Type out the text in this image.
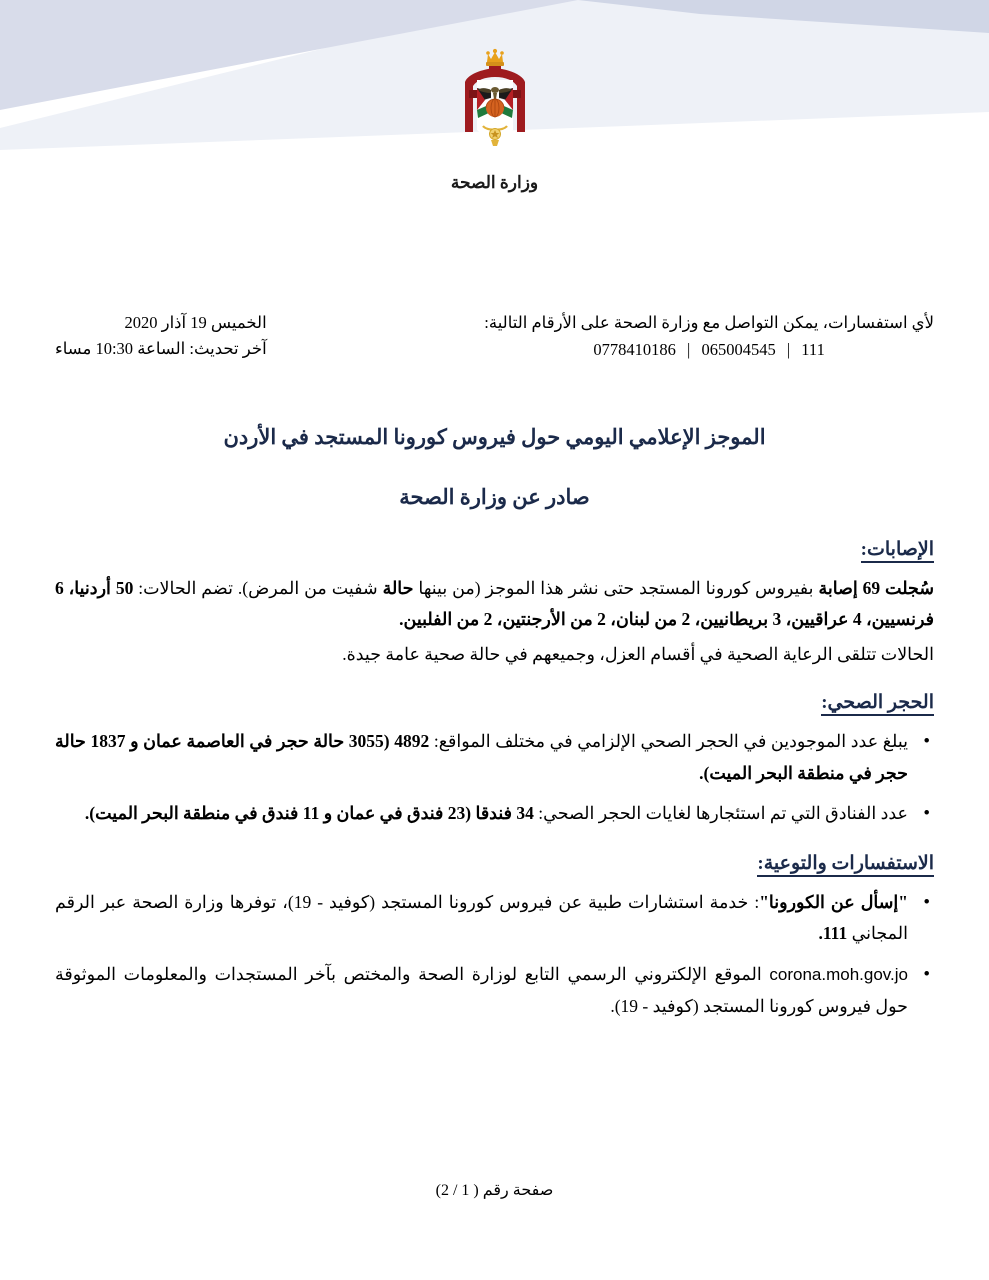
وزارة الصحة
الخميس 19 آذار 2020
آخر تحديث: الساعة 10:30 مساء
لأي استفسارات، يمكن التواصل مع وزارة الصحة على الأرقام التالية:
0778410186 | 065004545 | 111
الموجز الإعلامي اليومي حول فيروس كورونا المستجد في الأردن
صادر عن وزارة الصحة
الإصابات:

سُجلت 69 إصابة بفيروس كورونا المستجد حتى نشر هذا الموجز (من بينها حالة شفيت من المرض). تضم الحالات: 50 أردنيا، 6 فرنسيين، 4 عراقيين، 3 بريطانيين، 2 من لبنان، 2 من الأرجنتين، 2 من الفلبين.

الحالات تتلقى الرعاية الصحية في أقسام العزل، وجميعهم في حالة صحية عامة جيدة.

الحجر الصحي:
• يبلغ عدد الموجودين في الحجر الصحي الإلزامي في مختلف المواقع: 4892 (3055 حالة حجر في العاصمة عمان و 1837 حالة حجر في منطقة البحر الميت).
• عدد الفنادق التي تم استئجارها لغايات الحجر الصحي: 34 فندقا (23 فندق في عمان و 11 فندق في منطقة البحر الميت).
الاستفسارات والتوعية:
• "إسأل عن الكورونا": خدمة استشارات طبية عن فيروس كورونا المستجد (كوفيد - 19)، توفرها وزارة الصحة عبر الرقم المجاني 111.
• corona.moh.gov.jo الموقع الإلكتروني الرسمي التابع لوزارة الصحة والمختص بآخر المستجدات والمعلومات الموثوقة حول فيروس كورونا المستجد (كوفيد - 19).
صفحة رقم ( 1 / 2)
